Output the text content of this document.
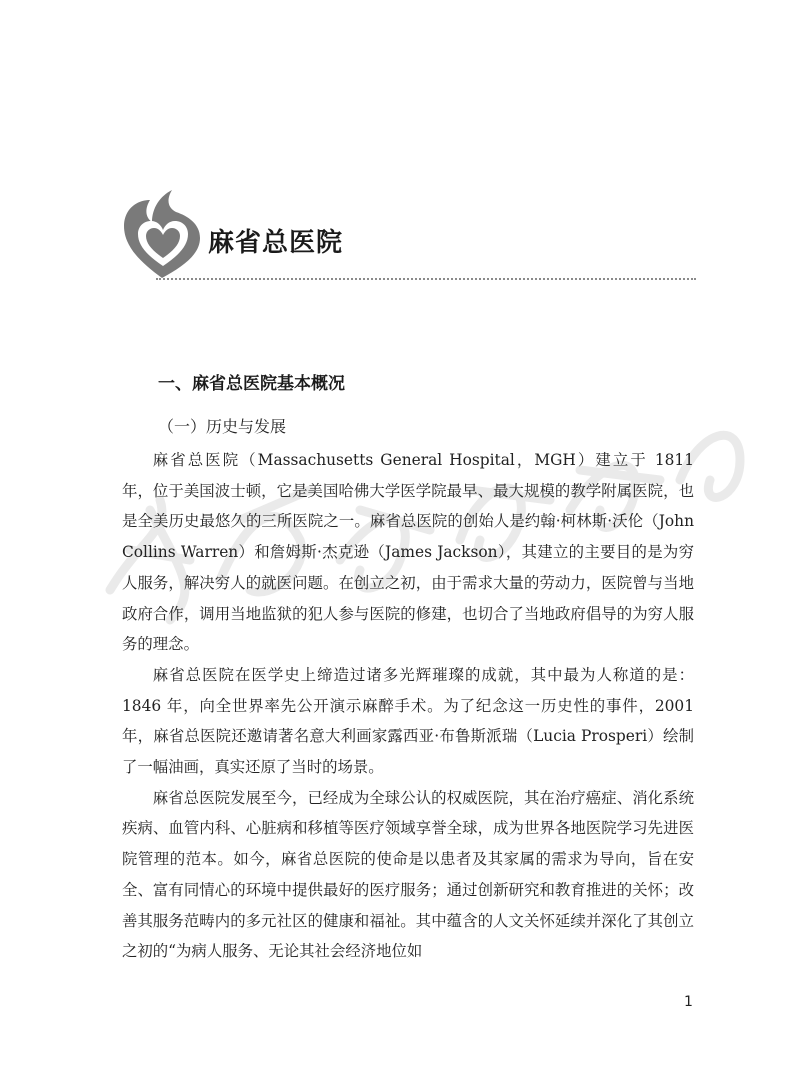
麻省总医院
一、麻省总医院基本概况
（一）历史与发展

麻省总医院（Massachusetts General Hospital，MGH）建立于 1811 年，位于美国波士顿，它是美国哈佛大学医学院最早、最大规模的教学附属医院，也是全美历史最悠久的三所医院之一。麻省总医院的创始人是约翰·柯林斯·沃伦（John Collins Warren）和詹姆斯·杰克逊（James Jackson），其建立的主要目的是为穷人服务，解决穷人的就医问题。在创立之初，由于需求大量的劳动力，医院曾与当地政府合作，调用当地监狱的犯人参与医院的修建，也切合了当地政府倡导的为穷人服务的理念。

麻省总医院在医学史上缔造过诸多光辉璀璨的成就，其中最为人称道的是：1846 年，向全世界率先公开演示麻醉手术。为了纪念这一历史性的事件，2001 年，麻省总医院还邀请著名意大利画家露西亚·布鲁斯派瑞（Lucia Prosperi）绘制了一幅油画，真实还原了当时的场景。

麻省总医院发展至今，已经成为全球公认的权威医院，其在治疗癌症、消化系统疾病、血管内科、心脏病和移植等医疗领域享誉全球，成为世界各地医院学习先进医院管理的范本。如今，麻省总医院的使命是以患者及其家属的需求为导向，旨在安全、富有同情心的环境中提供最好的医疗服务；通过创新研究和教育推进的关怀；改善其服务范畴内的多元社区的健康和福祉。其中蕴含的人文关怀延续并深化了其创立之初的“为病人服务、无论其社会经济地位如

1
